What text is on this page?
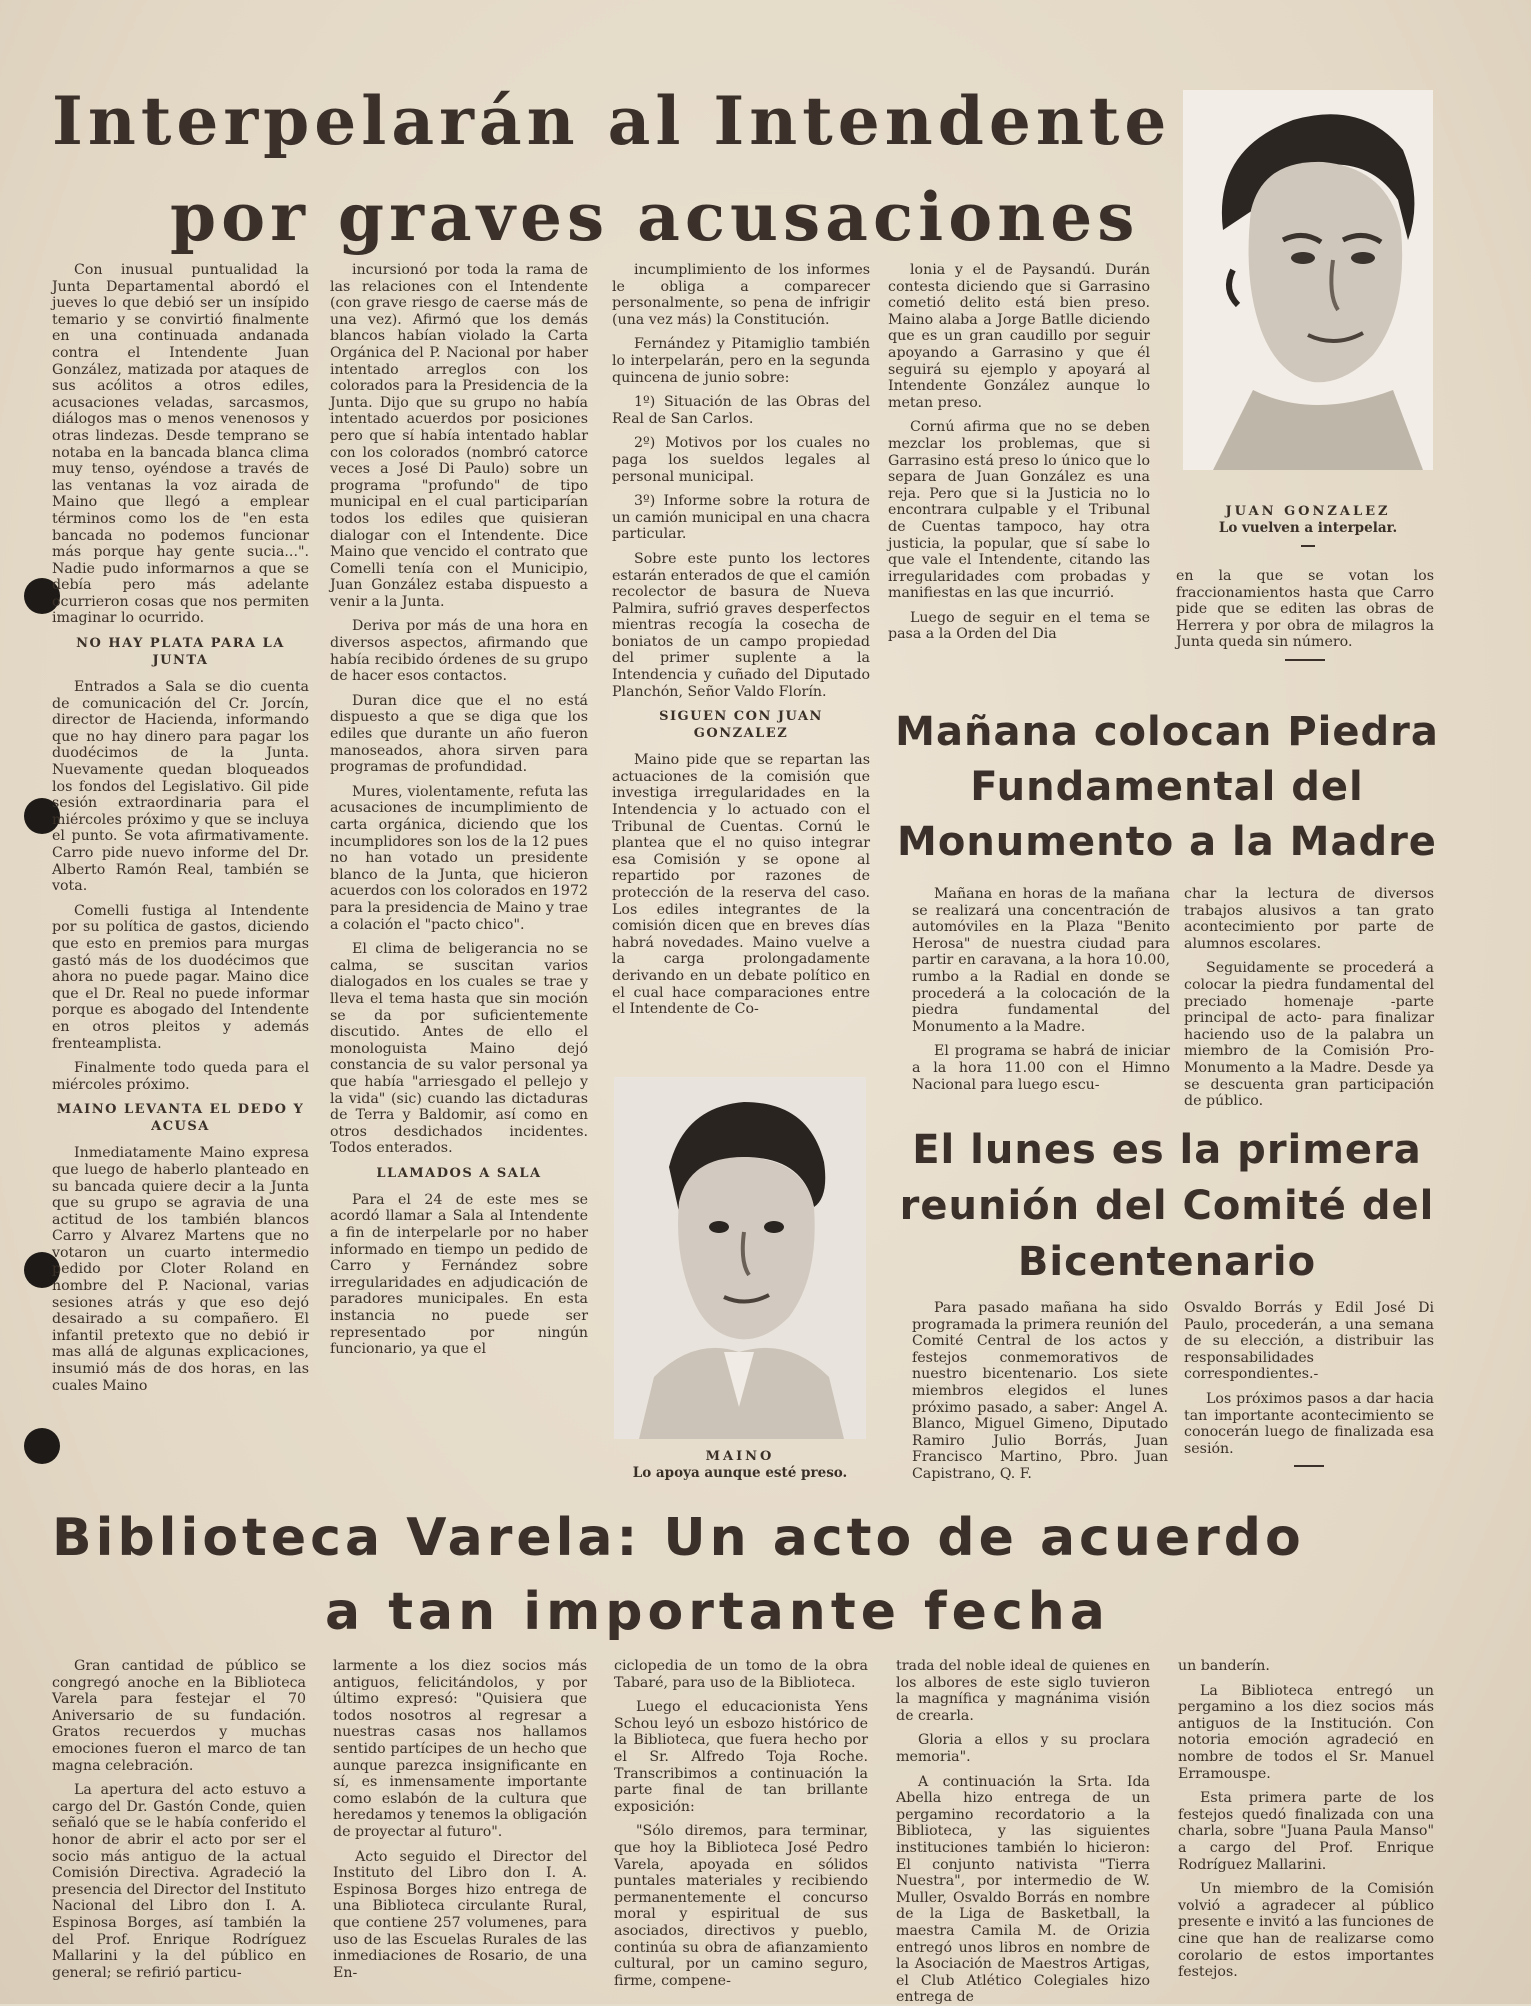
Interpelarán al Intendente
por graves acusaciones

Con inusual puntualidad la Junta Departamental abordó el jueves lo que debió ser un insípido temario y se convirtió finalmente en una continuada andanada contra el Intendente Juan González, matizada por ataques de sus acólitos a otros ediles, acusaciones veladas, sarcasmos, diálogos mas o menos venenosos y otras lindezas. Desde temprano se notaba en la bancada blanca clima muy tenso, oyéndose a través de las ventanas la voz airada de Maino que llegó a emplear términos como los de "en esta bancada no podemos funcionar más porque hay gente sucia...". Nadie pudo informarnos a que se debía pero más adelante ocurrieron cosas que nos permiten imaginar lo ocurrido.

NO HAY PLATA PARA LA JUNTA

Entrados a Sala se dio cuenta de comunicación del Cr. Jorcín, director de Hacienda, informando que no hay dinero para pagar los duodécimos de la Junta. Nuevamente quedan bloqueados los fondos del Legislativo. Gil pide sesión extraordinaria para el miércoles próximo y que se incluya el punto. Se vota afirmativamente. Carro pide nuevo informe del Dr. Alberto Ramón Real, también se vota.

Comelli fustiga al Intendente por su política de gastos, diciendo que esto en premios para murgas gastó más de los duodécimos que ahora no puede pagar. Maino dice que el Dr. Real no puede informar porque es abogado del Intendente en otros pleitos y además frenteamplista.

Finalmente todo queda para el miércoles próximo.

MAINO LEVANTA EL DEDO Y ACUSA

Inmediatamente Maino expresa que luego de haberlo planteado en su bancada quiere decir a la Junta que su grupo se agravia de una actitud de los también blancos Carro y Alvarez Martens que no votaron un cuarto intermedio pedido por Cloter Roland en nombre del P. Nacional, varias sesiones atrás y que eso dejó desairado a su compañero. El infantil pretexto que no debió ir mas allá de algunas explicaciones, insumió más de dos horas, en las cuales Maino

incursionó por toda la rama de las relaciones con el Intendente (con grave riesgo de caerse más de una vez). Afirmó que los demás blancos habían violado la Carta Orgánica del P. Nacional por haber intentado arreglos con los colorados para la Presidencia de la Junta. Dijo que su grupo no había intentado acuerdos por posiciones pero que sí había intentado hablar con los colorados (nombró catorce veces a José Di Paulo) sobre un programa "profundo" de tipo municipal en el cual participarían todos los ediles que quisieran dialogar con el Intendente. Dice Maino que vencido el contrato que Comelli tenía con el Municipio, Juan González estaba dispuesto a venir a la Junta.

Deriva por más de una hora en diversos aspectos, afirmando que había recibido órdenes de su grupo de hacer esos contactos.

Duran dice que el no está dispuesto a que se diga que los ediles que durante un año fueron manoseados, ahora sirven para programas de profundidad.

Mures, violentamente, refuta las acusaciones de incumplimiento de carta orgánica, diciendo que los incumplidores son los de la 12 pues no han votado un presidente blanco de la Junta, que hicieron acuerdos con los colorados en 1972 para la presidencia de Maino y trae a colación el "pacto chico".

El clima de beligerancia no se calma, se suscitan varios dialogados en los cuales se trae y lleva el tema hasta que sin moción se da por suficientemente discutido. Antes de ello el monologuista Maino dejó constancia de su valor personal ya que había "arriesgado el pellejo y la vida" (sic) cuando las dictaduras de Terra y Baldomir, así como en otros desdichados incidentes. Todos enterados.

LLAMADOS A SALA

Para el 24 de este mes se acordó llamar a Sala al Intendente a fin de interpelarle por no haber informado en tiempo un pedido de Carro y Fernández sobre irregularidades en adjudicación de paradores municipales. En esta instancia no puede ser representado por ningún funcionario, ya que el

incumplimiento de los informes le obliga a comparecer personalmente, so pena de infrigir (una vez más) la Constitución.

Fernández y Pitamiglio también lo interpelarán, pero en la segunda quincena de junio sobre:

1º) Situación de las Obras del Real de San Carlos.

2º) Motivos por los cuales no paga los sueldos legales al personal municipal.

3º) Informe sobre la rotura de un camión municipal en una chacra particular.

Sobre este punto los lectores estarán enterados de que el camión recolector de basura de Nueva Palmira, sufrió graves desperfectos mientras recogía la cosecha de boniatos de un campo propiedad del primer suplente a la Intendencia y cuñado del Diputado Planchón, Señor Valdo Florín.

SIGUEN CON JUAN GONZALEZ

Maino pide que se repartan las actuaciones de la comisión que investiga irregularidades en la Intendencia y lo actuado con el Tribunal de Cuentas. Cornú le plantea que el no quiso integrar esa Comisión y se opone al repartido por razones de protección de la reserva del caso. Los ediles integrantes de la comisión dicen que en breves días habrá novedades. Maino vuelve a la carga prolongadamente derivando en un debate político en el cual hace comparaciones entre el Intendente de Co-

lonia y el de Paysandú. Durán contesta diciendo que si Garrasino cometió delito está bien preso. Maino alaba a Jorge Batlle diciendo que es un gran caudillo por seguir apoyando a Garrasino y que él seguirá su ejemplo y apoyará al Intendente González aunque lo metan preso.

Cornú afirma que no se deben mezclar los problemas, que si Garrasino está preso lo único que lo separa de Juan González es una reja. Pero que si la Justicia no lo encontrara culpable y el Tribunal de Cuentas tampoco, hay otra justicia, la popular, que sí sabe lo que vale el Intendente, citando las irregularidades com probadas y manifiestas en las que incurrió.

Luego de seguir en el tema se pasa a la Orden del Dia

JUAN GONZALEZ
Lo vuelven a interpelar.

en la que se votan los fraccionamientos hasta que Carro pide que se editen las obras de Herrera y por obra de milagros la Junta queda sin número.

MAINO
Lo apoya aunque esté preso.
Mañana colocan Piedra Fundamental del Monumento a la Madre

Mañana en horas de la mañana se realizará una concentración de automóviles en la Plaza "Benito Herosa" de nuestra ciudad para partir en caravana, a la hora 10.00, rumbo a la Radial en donde se procederá a la colocación de la piedra fundamental del Monumento a la Madre.

El programa se habrá de iniciar a la hora 11.00 con el Himno Nacional para luego escu-

char la lectura de diversos trabajos alusivos a tan grato acontecimiento por parte de alumnos escolares.

Seguidamente se procederá a colocar la piedra fundamental del preciado homenaje -parte principal de acto- para finalizar haciendo uso de la palabra un miembro de la Comisión Pro-Monumento a la Madre. Desde ya se descuenta gran participación de público.

El lunes es la primera reunión del Comité del Bicentenario

Para pasado mañana ha sido programada la primera reunión del Comité Central de los actos y festejos conmemorativos de nuestro bicentenario. Los siete miembros elegidos el lunes próximo pasado, a saber: Angel A. Blanco, Miguel Gimeno, Diputado Ramiro Julio Borrás, Juan Francisco Martino, Pbro. Juan Capistrano, Q. F.

Osvaldo Borrás y Edil José Di Paulo, procederán, a una semana de su elección, a distribuir las responsabilidades correspondientes.-

Los próximos pasos a dar hacia tan importante acontecimiento se conocerán luego de finalizada esa sesión.

Biblioteca Varela: Un acto de acuerdo
a tan importante fecha

Gran cantidad de público se congregó anoche en la Biblioteca Varela para festejar el 70 Aniversario de su fundación. Gratos recuerdos y muchas emociones fueron el marco de tan magna celebración.

La apertura del acto estuvo a cargo del Dr. Gastón Conde, quien señaló que se le había conferido el honor de abrir el acto por ser el socio más antiguo de la actual Comisión Directiva. Agradeció la presencia del Director del Instituto Nacional del Libro don I. A. Espinosa Borges, así también la del Prof. Enrique Rodríguez Mallarini y la del público en general; se refirió particu-

larmente a los diez socios más antiguos, felicitándolos, y por último expresó: "Quisiera que todos nosotros al regresar a nuestras casas nos hallamos sentido partícipes de un hecho que aunque parezca insignificante en sí, es inmensamente importante como eslabón de la cultura que heredamos y tenemos la obligación de proyectar al futuro".

Acto seguido el Director del Instituto del Libro don I. A. Espinosa Borges hizo entrega de una Biblioteca circulante Rural, que contiene 257 volumenes, para uso de las Escuelas Rurales de las inmediaciones de Rosario, de una En-

ciclopedia de un tomo de la obra Tabaré, para uso de la Biblioteca.

Luego el educacionista Yens Schou leyó un esbozo histórico de la Biblioteca, que fuera hecho por el Sr. Alfredo Toja Roche. Transcribimos a continuación la parte final de tan brillante exposición:

"Sólo diremos, para terminar, que hoy la Biblioteca José Pedro Varela, apoyada en sólidos puntales materiales y recibiendo permanentemente el concurso moral y espiritual de sus asociados, directivos y pueblo, continúa su obra de afianzamiento cultural, por un camino seguro, firme, compene-

trada del noble ideal de quienes en los albores de este siglo tuvieron la magnífica y magnánima visión de crearla.

Gloria a ellos y su proclara memoria".

A continuación la Srta. Ida Abella hizo entrega de un pergamino recordatorio a la Biblioteca, y las siguientes instituciones también lo hicieron: El conjunto nativista "Tierra Nuestra", por intermedio de W. Muller, Osvaldo Borrás en nombre de la Liga de Basketball, la maestra Camila M. de Orizia entregó unos libros en nombre de la Asociación de Maestros Artigas, el Club Atlético Colegiales hizo entrega de

un banderín.

La Biblioteca entregó un pergamino a los diez socios más antiguos de la Institución. Con notoria emoción agradeció en nombre de todos el Sr. Manuel Erramouspe.

Esta primera parte de los festejos quedó finalizada con una charla, sobre "Juana Paula Manso" a cargo del Prof. Enrique Rodríguez Mallarini.

Un miembro de la Comisión volvió a agradecer al público presente e invitó a las funciones de cine que han de realizarse como corolario de estos importantes festejos.
